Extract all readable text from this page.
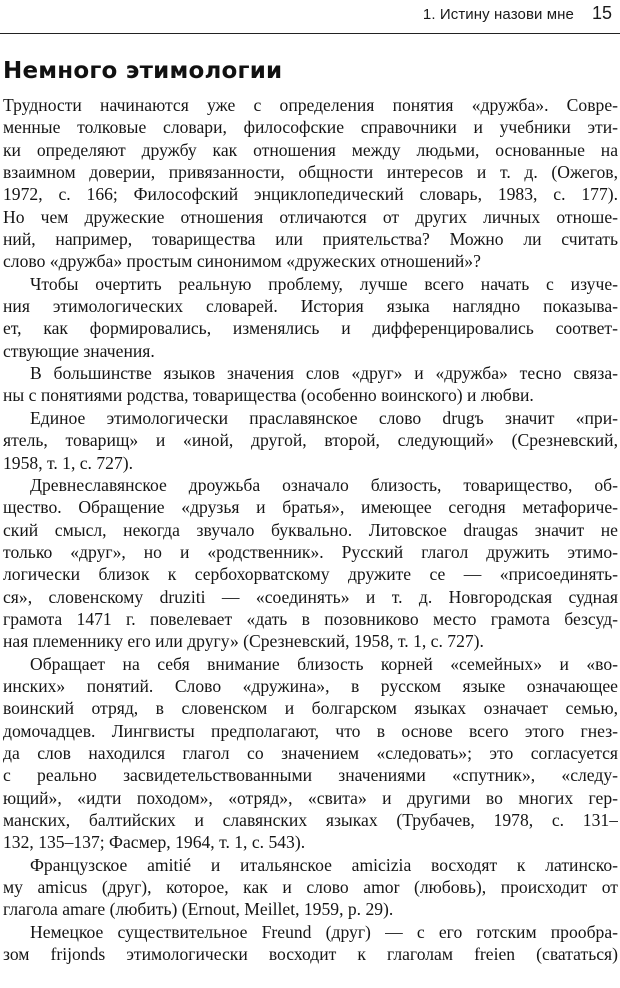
1. Истину назови мне 15
Немного этимологии
Трудности начинаются уже с определения понятия «дружба». Совре-
менные толковые словари, философские справочники и учебники эти-
ки определяют дружбу как отношения между людьми, основанные на
взаимном доверии, привязанности, общности интересов и т. д. (Ожегов,
1972, с. 166; Философский энциклопедический словарь, 1983, с. 177).
Но чем дружеские отношения отличаются от других личных отноше-
ний, например, товарищества или приятельства? Можно ли считать
слово «дружба» простым синонимом «дружеских отношений»?
Чтобы очертить реальную проблему, лучше всего начать с изуче-
ния этимологических словарей. История языка наглядно показыва-
ет, как формировались, изменялись и дифференцировались соответ-
ствующие значения.
В большинстве языков значения слов «друг» и «дружба» тесно связа-
ны с понятиями родства, товарищества (особенно воинского) и любви.
Единое этимологически праславянское слово drugъ значит «при-
ятель, товарищ» и «иной, другой, второй, следующий» (Срезневский,
1958, т. 1, с. 727).
Древнеславянское дроужьба означало близость, товарищество, об-
щество. Обращение «друзья и братья», имеющее сегодня метафориче-
ский смысл, некогда звучало буквально. Литовское draugas значит не
только «друг», но и «родственник». Русский глагол дружить этимо-
логически близок к сербохорватскому дружите се — «присоединять-
ся», словенскому druziti — «соединять» и т. д. Новгородская судная
грамота 1471 г. повелевает «дать в позовниково место грамота безсуд-
ная племеннику его или другу» (Срезневский, 1958, т. 1, с. 727).
Обращает на себя внимание близость корней «семейных» и «во-
инских» понятий. Слово «дружина», в русском языке означающее
воинский отряд, в словенском и болгарском языках означает семью,
домочадцев. Лингвисты предполагают, что в основе всего этого гнез-
да слов находился глагол со значением «следовать»; это согласуется
с реально засвидетельствованными значениями «спутник», «следу-
ющий», «идти походом», «отряд», «свита» и другими во многих гер-
манских, балтийских и славянских языках (Трубачев, 1978, с. 131–
132, 135–137; Фасмер, 1964, т. 1, с. 543).
Французское amitié и итальянское amicizia восходят к латинско-
му amicus (друг), которое, как и слово amor (любовь), происходит от
глагола amare (любить) (Ernout, Meillet, 1959, p. 29).
Немецкое существительное Freund (друг) — с его готским прообра-
зом frijonds этимологически восходит к глаголам freien (свататься)
